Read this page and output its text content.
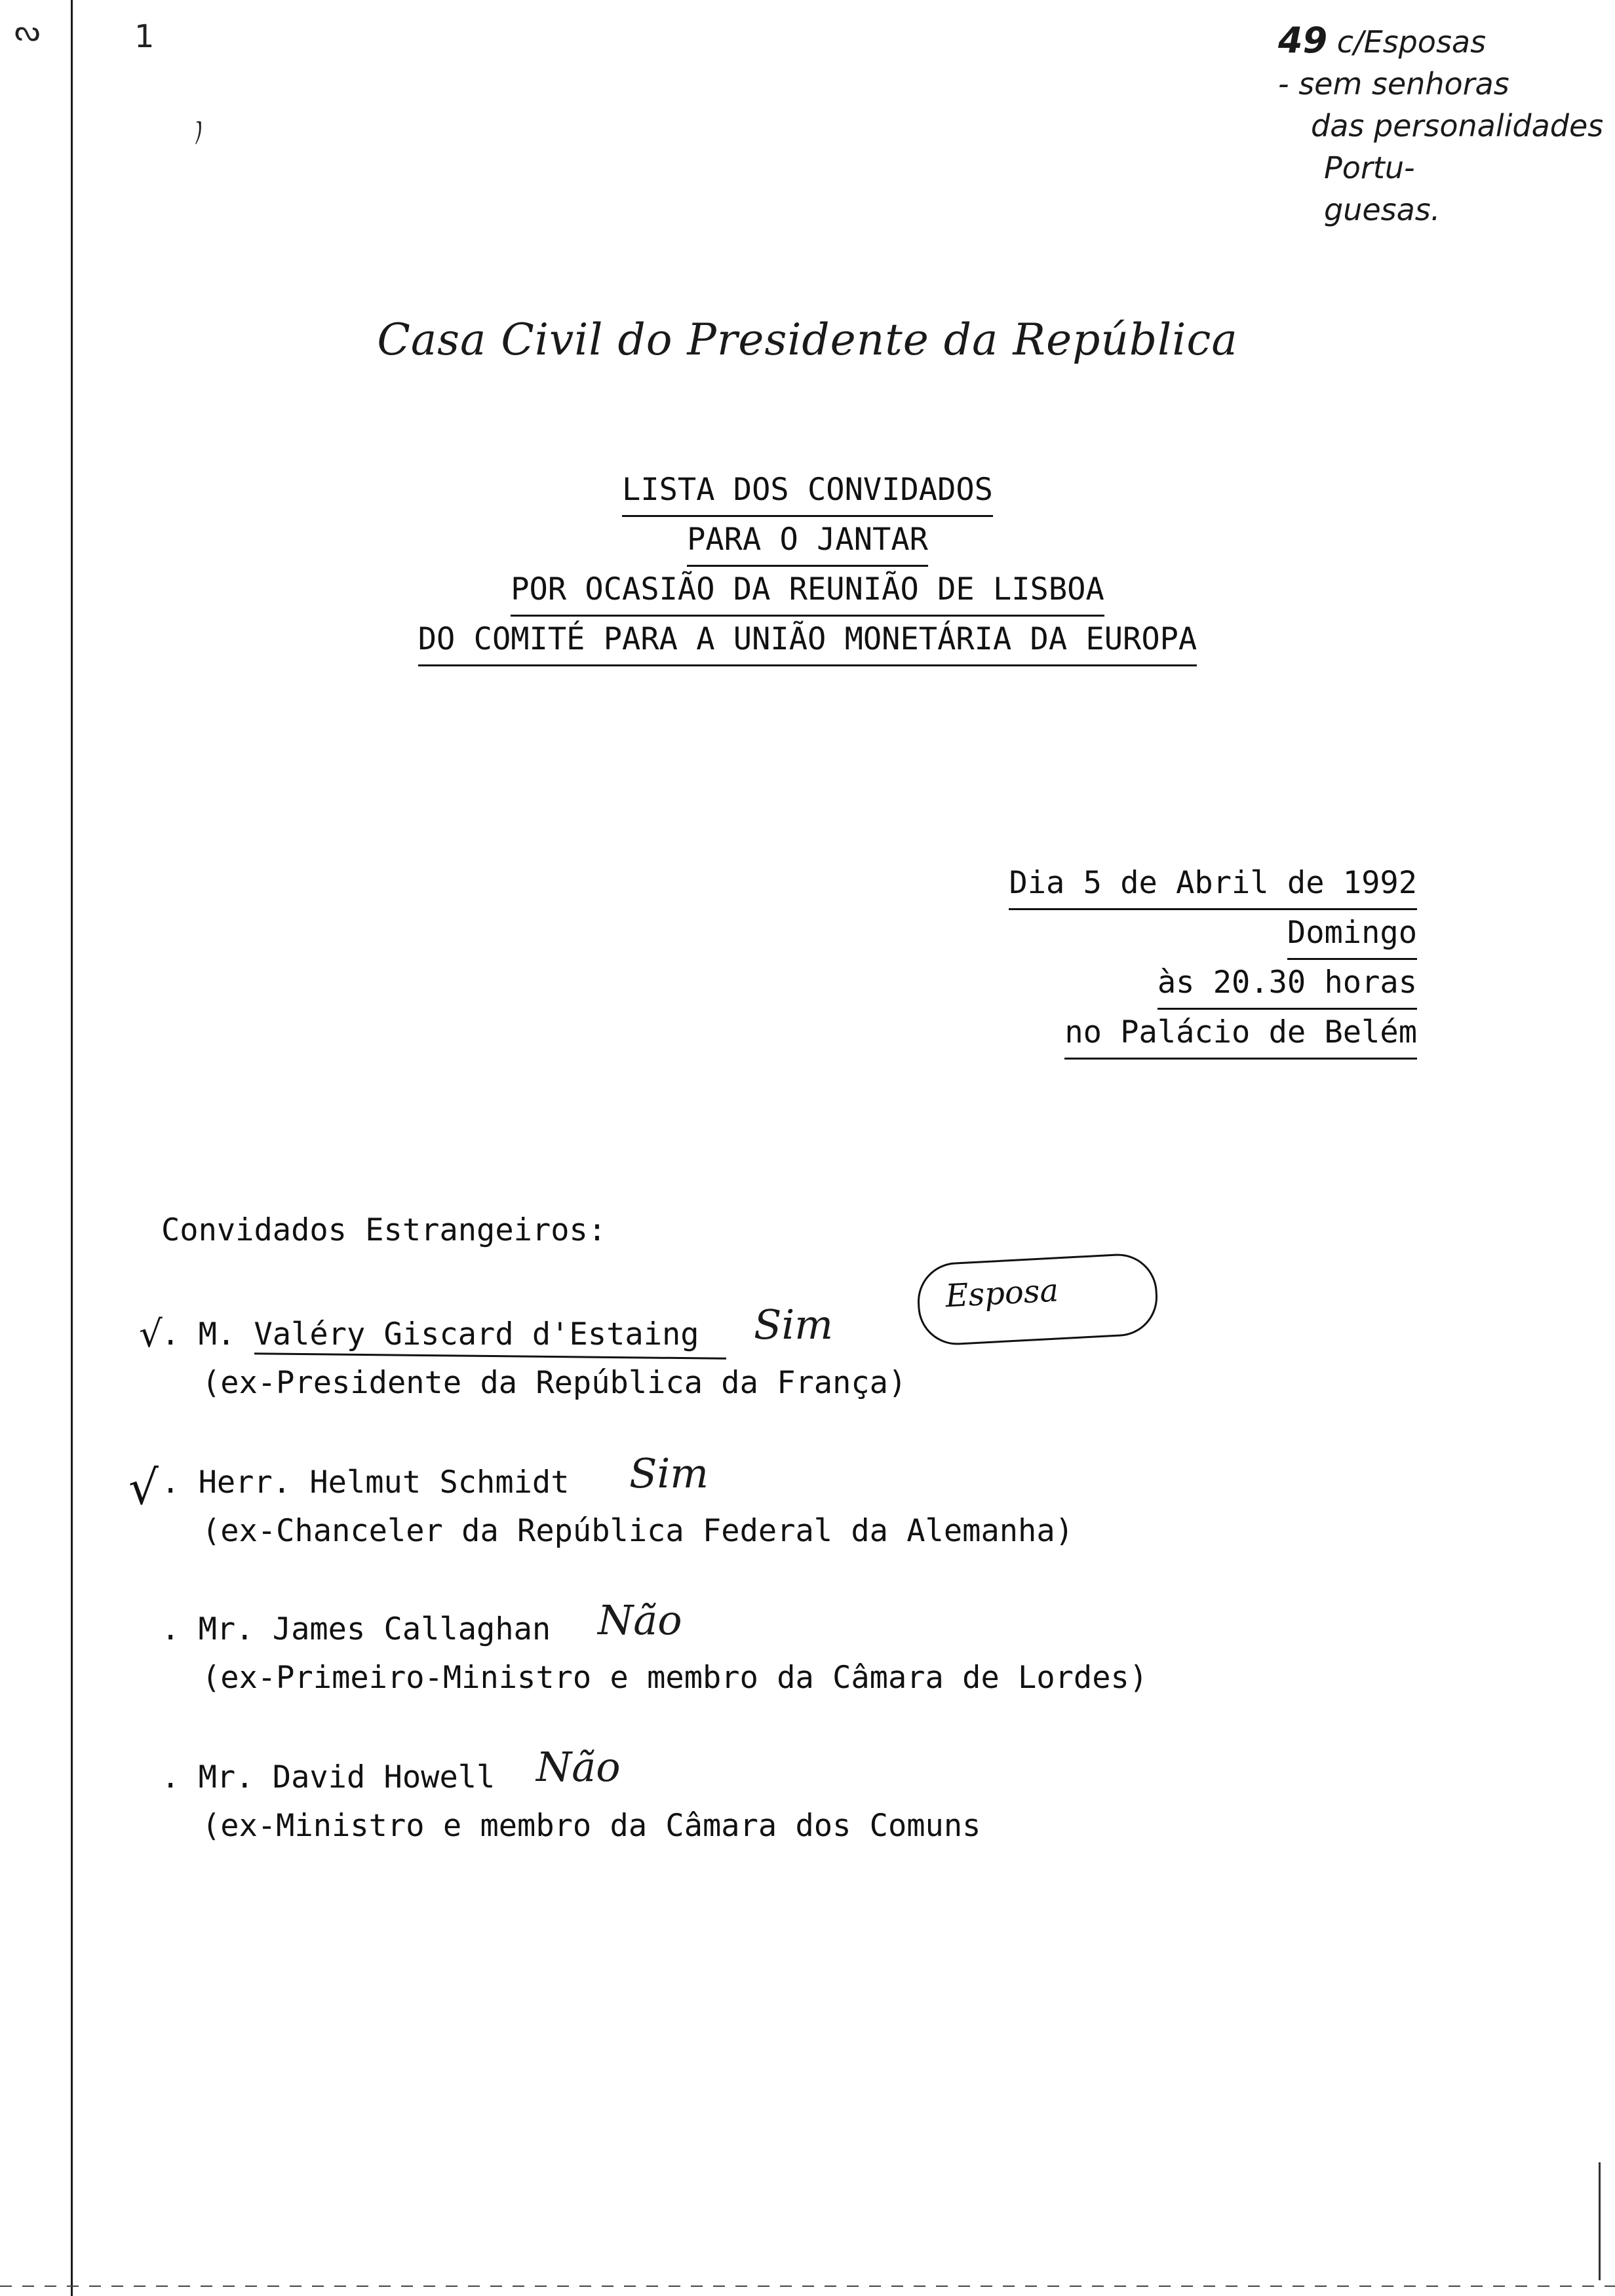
ᔓ	1
ノ
49 c/Esposas
- sem senhoras
das personalidades
Portu-
guesas.
Casa Civil do Presidente da República
LISTA DOS CONVIDADOS
PARA O JANTAR
POR OCASIÃO DA REUNIÃO DE LISBOA
DO COMITÉ PARA A UNIÃO MONETÁRIA DA EUROPA
Dia 5 de Abril de 1992
Domingo
às 20.30 horas
no Palácio de Belém
Convidados Estrangeiros:
√
. M. Valéry Giscard d'Estaing
(ex-Presidente da República da França)
Sim
Esposa
√ . Herr. Helmut Schmidt
(ex-Chanceler da República Federal da Alemanha)
Sim
. Mr. James Callaghan
(ex-Primeiro-Ministro e membro da Câmara de Lordes)
Não
. Mr. David Howell
(ex-Ministro e membro da Câmara dos Comuns
Não
